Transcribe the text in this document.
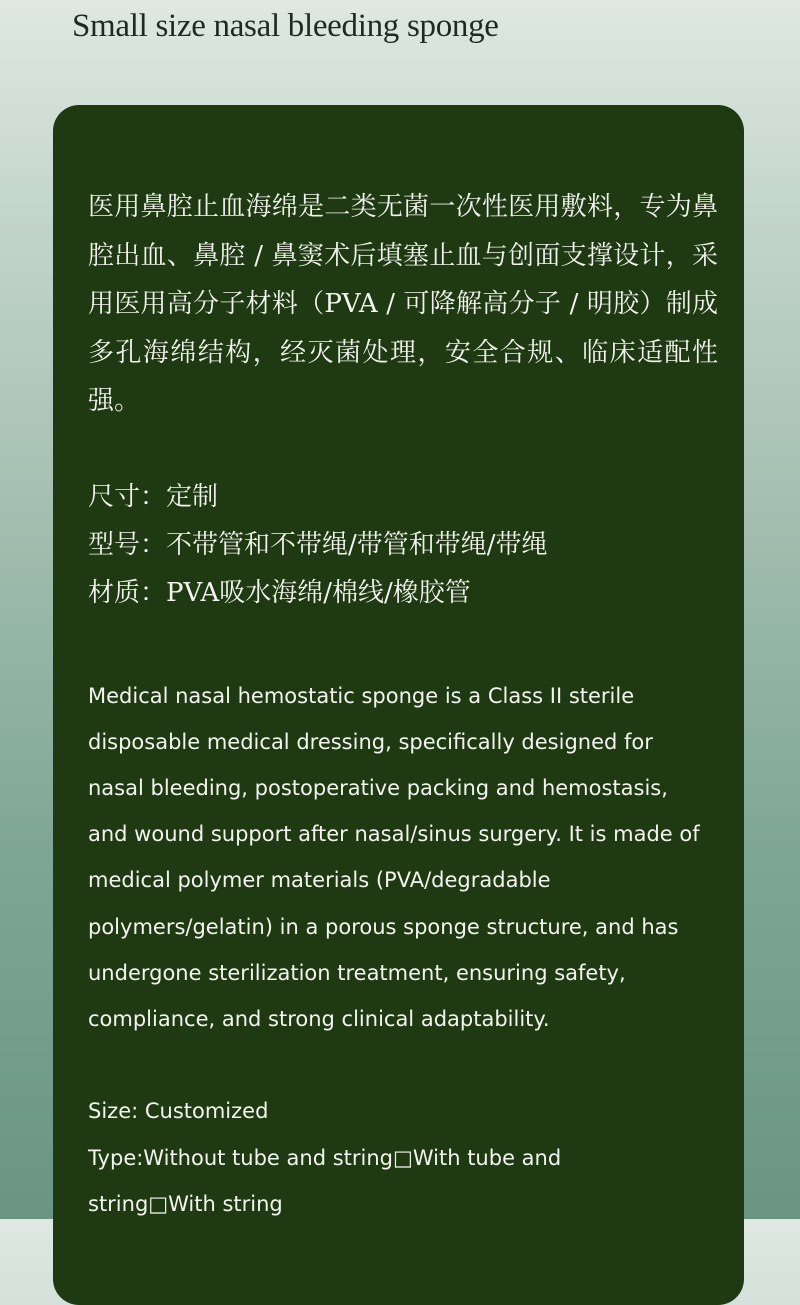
Small size nasal bleeding sponge

医用鼻腔止血海绵是二类无菌一次性医用敷料，专为鼻腔出血、鼻腔 / 鼻窦术后填塞止血与创面支撑设计，采用医用高分子材料（PVA / 可降解高分子 / 明胶）制成多孔海绵结构，经灭菌处理，安全合规、临床适配性强。

尺寸：定制

型号：不带管和不带绳/带管和带绳/带绳

材质：PVA吸水海绵/棉线/橡胶管

Medical nasal hemostatic sponge is a Class II sterile disposable medical dressing, specifically designed for nasal bleeding, postoperative packing and hemostasis, and wound support after nasal/sinus surgery. It is made of medical polymer materials (PVA/degradable polymers/gelatin) in a porous sponge structure, and has undergone sterilization treatment, ensuring safety, compliance, and strong clinical adaptability.

Size: Customized

Type:Without tube and string□With tube and string□With string
